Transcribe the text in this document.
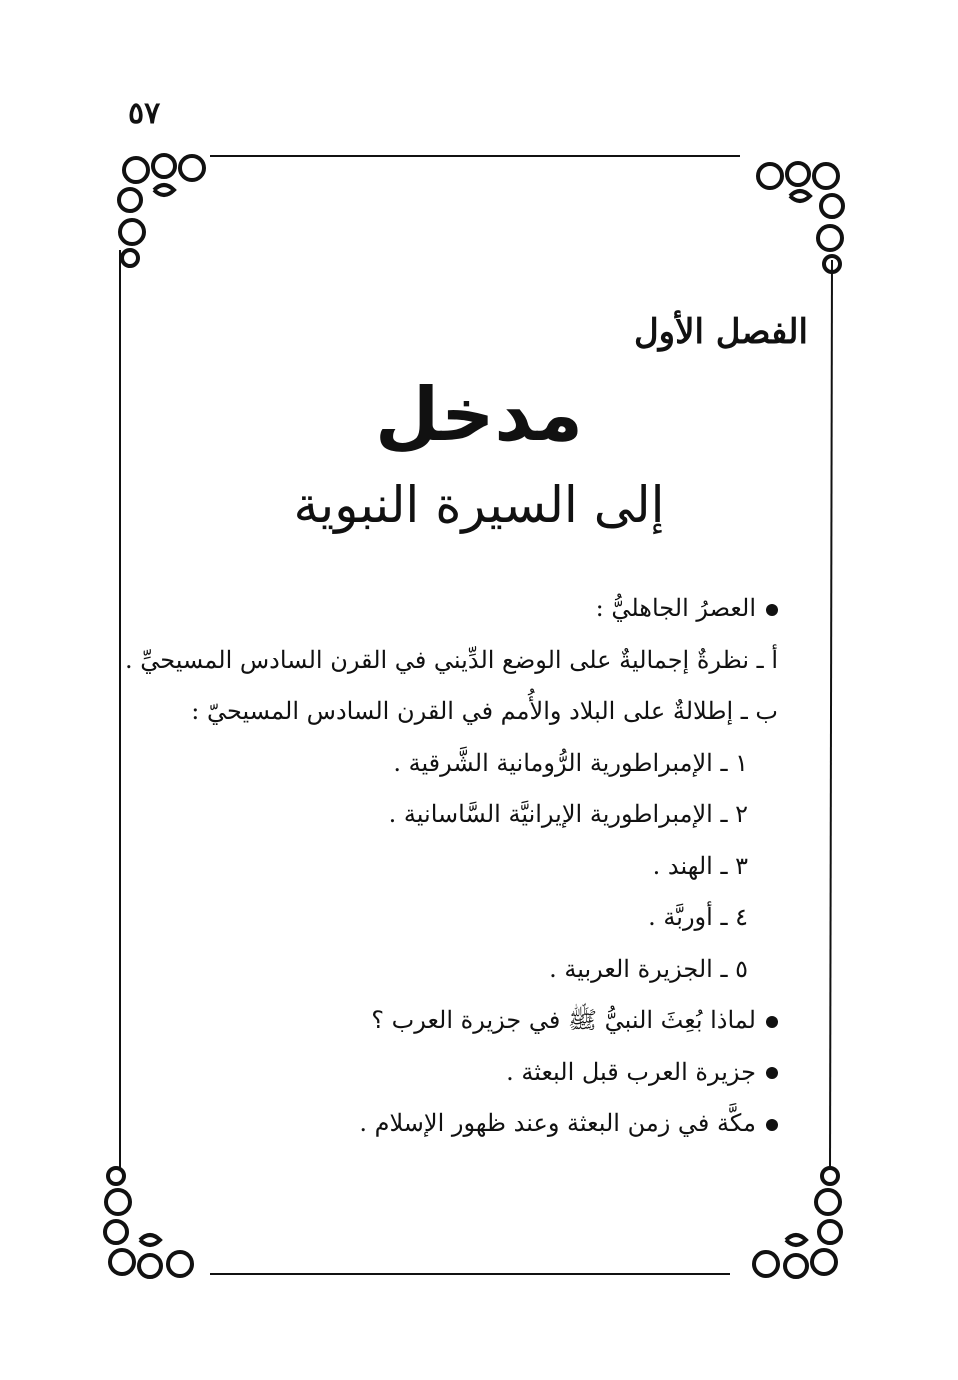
٥٧
الفصل الأول
مدخل
إلى السيرة النبوية
العصرُ الجاهليُّ :
أ ـ نظرةٌ إجماليةٌ على الوضع الدِّيني في القرن السادس المسيحيِّ .
ب ـ إطلالةٌ على البلاد والأُمم في القرن السادس المسيحيّ :
١ ـ الإمبراطورية الرُّومانية الشَّرقية .
٢ ـ الإمبراطورية الإيرانيَّة السَّاسانية .
٣ ـ الهند .
٤ ـ أوربَّة .
٥ ـ الجزيرة العربية .
لماذا بُعِثَ النبيُّ ﷺ في جزيرة العرب ؟
جزيرة العرب قبل البعثة .
مكَّة في زمن البعثة وعند ظهور الإسلام .
